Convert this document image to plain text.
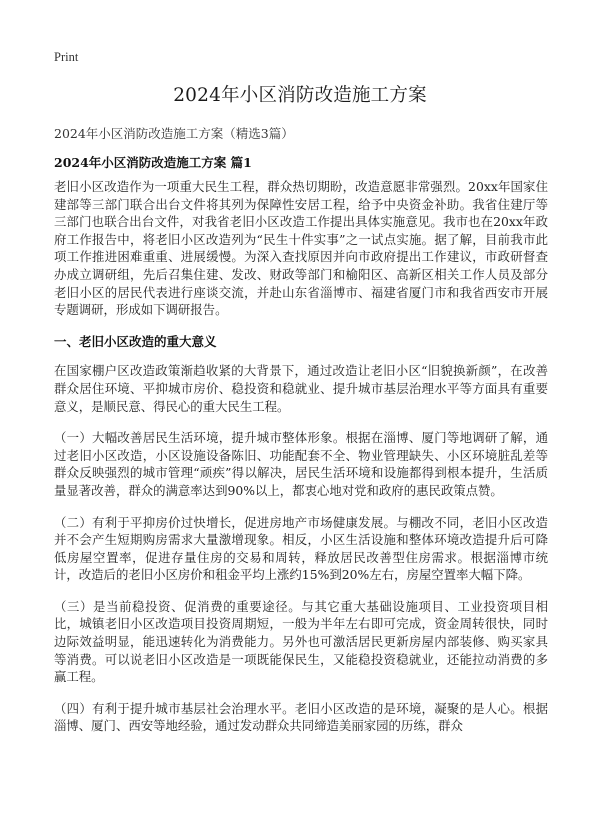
Print
2024年小区消防改造施工方案
2024年小区消防改造施工方案（精选3篇）
2024年小区消防改造施工方案 篇1

老旧小区改造作为一项重大民生工程，群众热切期盼，改造意愿非常强烈。20xx年国家住建部等三部门联合出台文件将其列为保障性安居工程，给予中央资金补助。我省住建厅等三部门也联合出台文件，对我省老旧小区改造工作提出具体实施意见。我市也在20xx年政府工作报告中，将老旧小区改造列为“民生十件实事”之一试点实施。据了解，目前我市此项工作推进困难重重、进展缓慢。为深入查找原因并向市政府提出工作建议，市政研督查办成立调研组，先后召集住建、发改、财政等部门和榆阳区、高新区相关工作人员及部分老旧小区的居民代表进行座谈交流，并赴山东省淄博市、福建省厦门市和我省西安市开展专题调研，形成如下调研报告。

一、老旧小区改造的重大意义

在国家棚户区改造政策渐趋收紧的大背景下，通过改造让老旧小区“旧貌换新颜”，在改善群众居住环境、平抑城市房价、稳投资和稳就业、提升城市基层治理水平等方面具有重要意义，是顺民意、得民心的重大民生工程。

（一）大幅改善居民生活环境，提升城市整体形象。根据在淄博、厦门等地调研了解，通过老旧小区改造，小区设施设备陈旧、功能配套不全、物业管理缺失、小区环境脏乱差等群众反映强烈的城市管理“顽疾”得以解决，居民生活环境和设施都得到根本提升，生活质量显著改善，群众的满意率达到90%以上，都衷心地对党和政府的惠民政策点赞。

（二）有利于平抑房价过快增长，促进房地产市场健康发展。与棚改不同，老旧小区改造并不会产生短期购房需求大量激增现象。相反，小区生活设施和整体环境改造提升后可降低房屋空置率，促进存量住房的交易和周转，释放居民改善型住房需求。根据淄博市统计，改造后的老旧小区房价和租金平均上涨约15%到20%左右，房屋空置率大幅下降。

（三）是当前稳投资、促消费的重要途径。与其它重大基础设施项目、工业投资项目相比，城镇老旧小区改造项目投资周期短，一般为半年左右即可完成，资金周转很快，同时边际效益明显，能迅速转化为消费能力。另外也可激活居民更新房屋内部装修、购买家具等消费。可以说老旧小区改造是一项既能保民生，又能稳投资稳就业，还能拉动消费的多赢工程。

（四）有利于提升城市基层社会治理水平。老旧小区改造的是环境，凝聚的是人心。根据淄博、厦门、西安等地经验，通过发动群众共同缔造美丽家园的历练，群众
